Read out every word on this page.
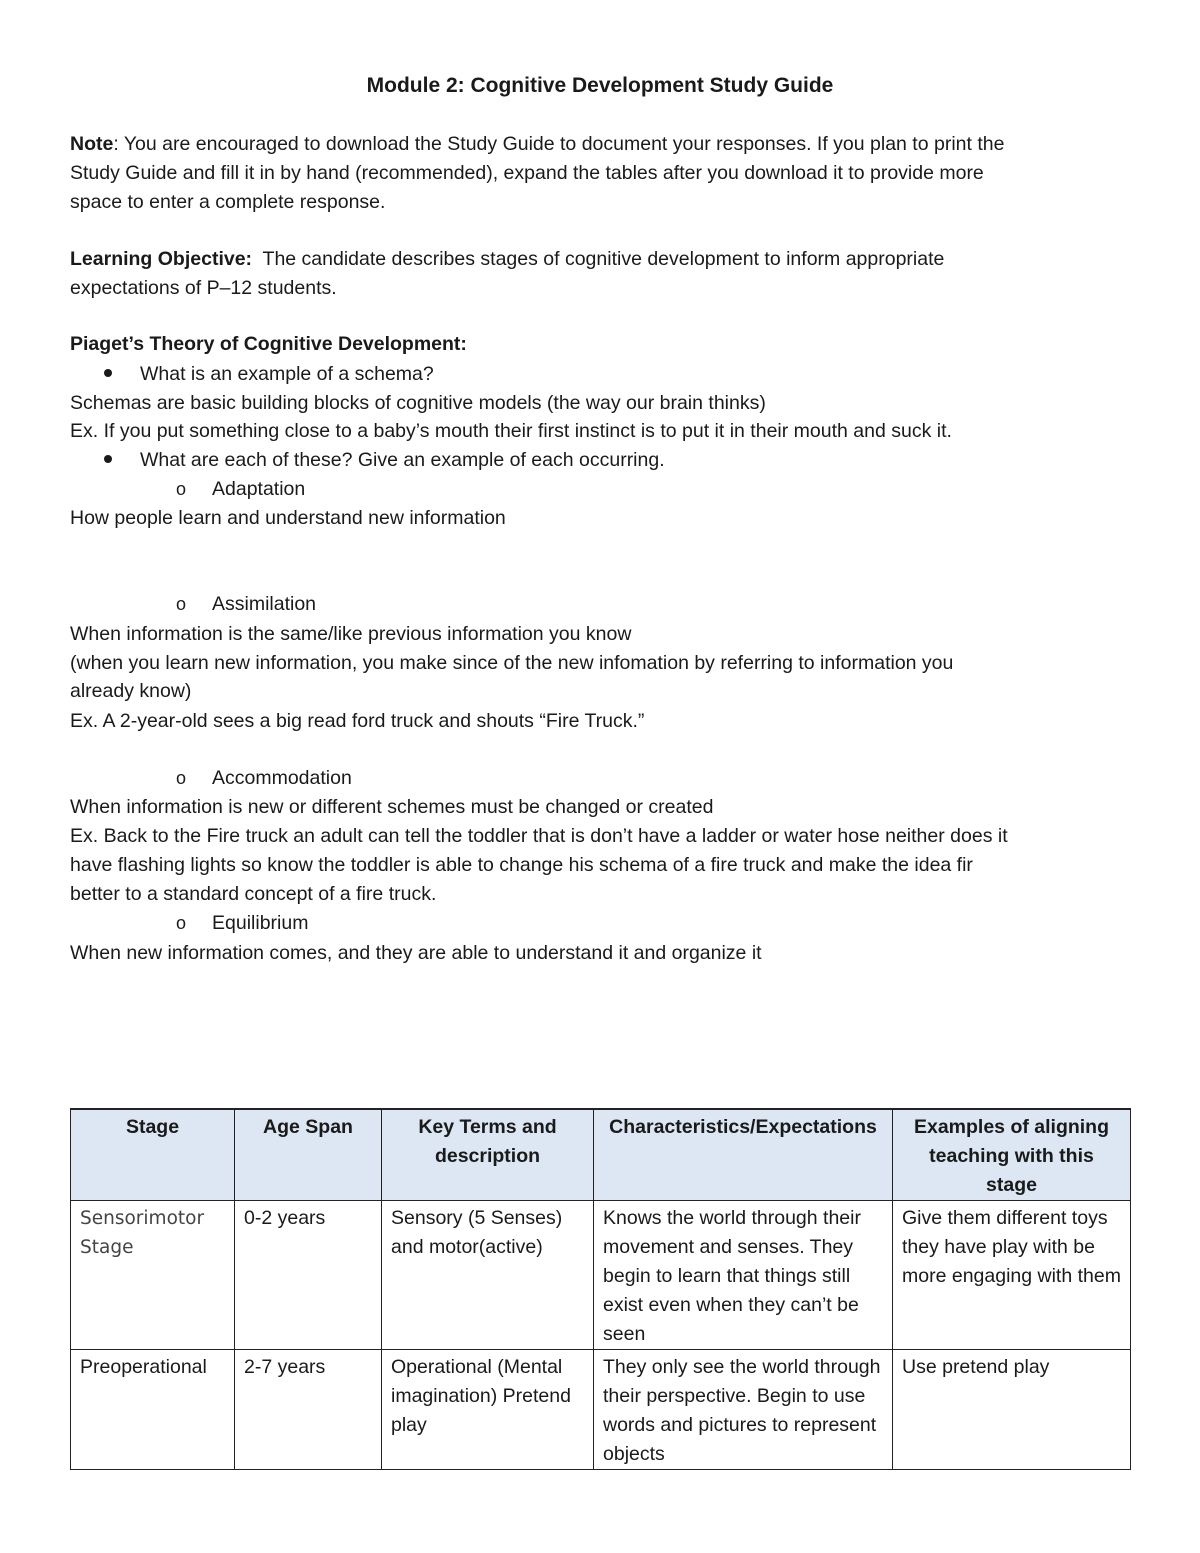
Module 2: Cognitive Development Study Guide
Note: You are encouraged to download the Study Guide to document your responses. If you plan to print the
Study Guide and fill it in by hand (recommended), expand the tables after you download it to provide more
space to enter a complete response.
Learning Objective:  The candidate describes stages of cognitive development to inform appropriate
expectations of P–12 students.
Piaget’s Theory of Cognitive Development:
What is an example of a schema?
Schemas are basic building blocks of cognitive models (the way our brain thinks)
Ex. If you put something close to a baby’s mouth their first instinct is to put it in their mouth and suck it.
What are each of these? Give an example of each occurring.
o Adaptation
How people learn and understand new information
o Assimilation
When information is the same/like previous information you know
(when you learn new information, you make since of the new infomation by referring to information you
already know)
Ex. A 2-year-old sees a big read ford truck and shouts “Fire Truck.”
o Accommodation
When information is new or different schemes must be changed or created
Ex. Back to the Fire truck an adult can tell the toddler that is don’t have a ladder or water hose neither does it
have flashing lights so know the toddler is able to change his schema of a fire truck and make the idea fir
better to a standard concept of a fire truck.
o Equilibrium
When new information comes, and they are able to understand it and organize it
Stage	Age Span	Key Terms and description	Characteristics/Expectations	Examples of aligning teaching with this stage
Sensorimotor Stage	0-2 years	Sensory (5 Senses) and motor(active)	Knows the world through their movement and senses. They begin to learn that things still exist even when they can’t be seen	Give them different toys they have play with be more engaging with them
Preoperational	2-7 years	Operational (Mental imagination) Pretend play	They only see the world through their perspective. Begin to use words and pictures to represent objects	Use pretend play
